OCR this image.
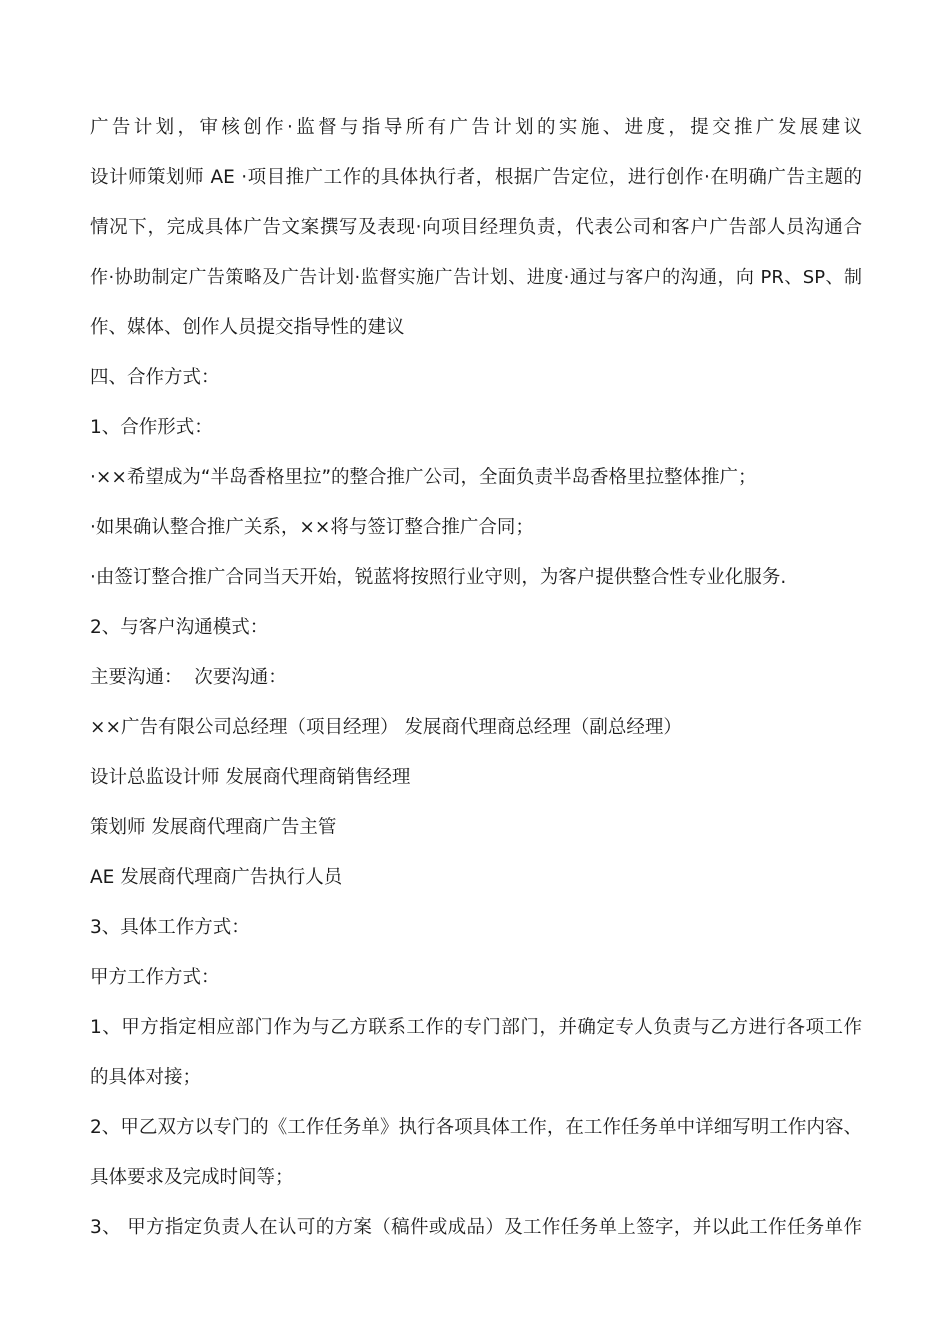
广告计划，审核创作·监督与指导所有广告计划的实施、进度，提交推广发展建议
设计师策划师 AE ·项目推广工作的具体执行者，根据广告定位，进行创作·在明确广告主题的
情况下，完成具体广告文案撰写及表现·向项目经理负责，代表公司和客户广告部人员沟通合
作·协助制定广告策略及广告计划·监督实施广告计划、进度·通过与客户的沟通，向 PR、SP、制
作、媒体、创作人员提交指导性的建议
四、合作方式：
1、合作形式：
·××希望成为“半岛香格里拉”的整合推广公司，全面负责半岛香格里拉整体推广；
·如果确认整合推广关系，××将与签订整合推广合同；
·由签订整合推广合同当天开始，锐蓝将按照行业守则，为客户提供整合性专业化服务.
2、与客户沟通模式：
主要沟通：  次要沟通：
××广告有限公司总经理（项目经理） 发展商代理商总经理（副总经理）
设计总监设计师 发展商代理商销售经理
策划师 发展商代理商广告主管
AE 发展商代理商广告执行人员
3、具体工作方式：
甲方工作方式：
1、甲方指定相应部门作为与乙方联系工作的专门部门，并确定专人负责与乙方进行各项工作
的具体对接；
2、甲乙双方以专门的《工作任务单》执行各项具体工作，在工作任务单中详细写明工作内容、
具体要求及完成时间等；
3、 甲方指定负责人在认可的方案（稿件或成品）及工作任务单上签字，并以此工作任务单作
